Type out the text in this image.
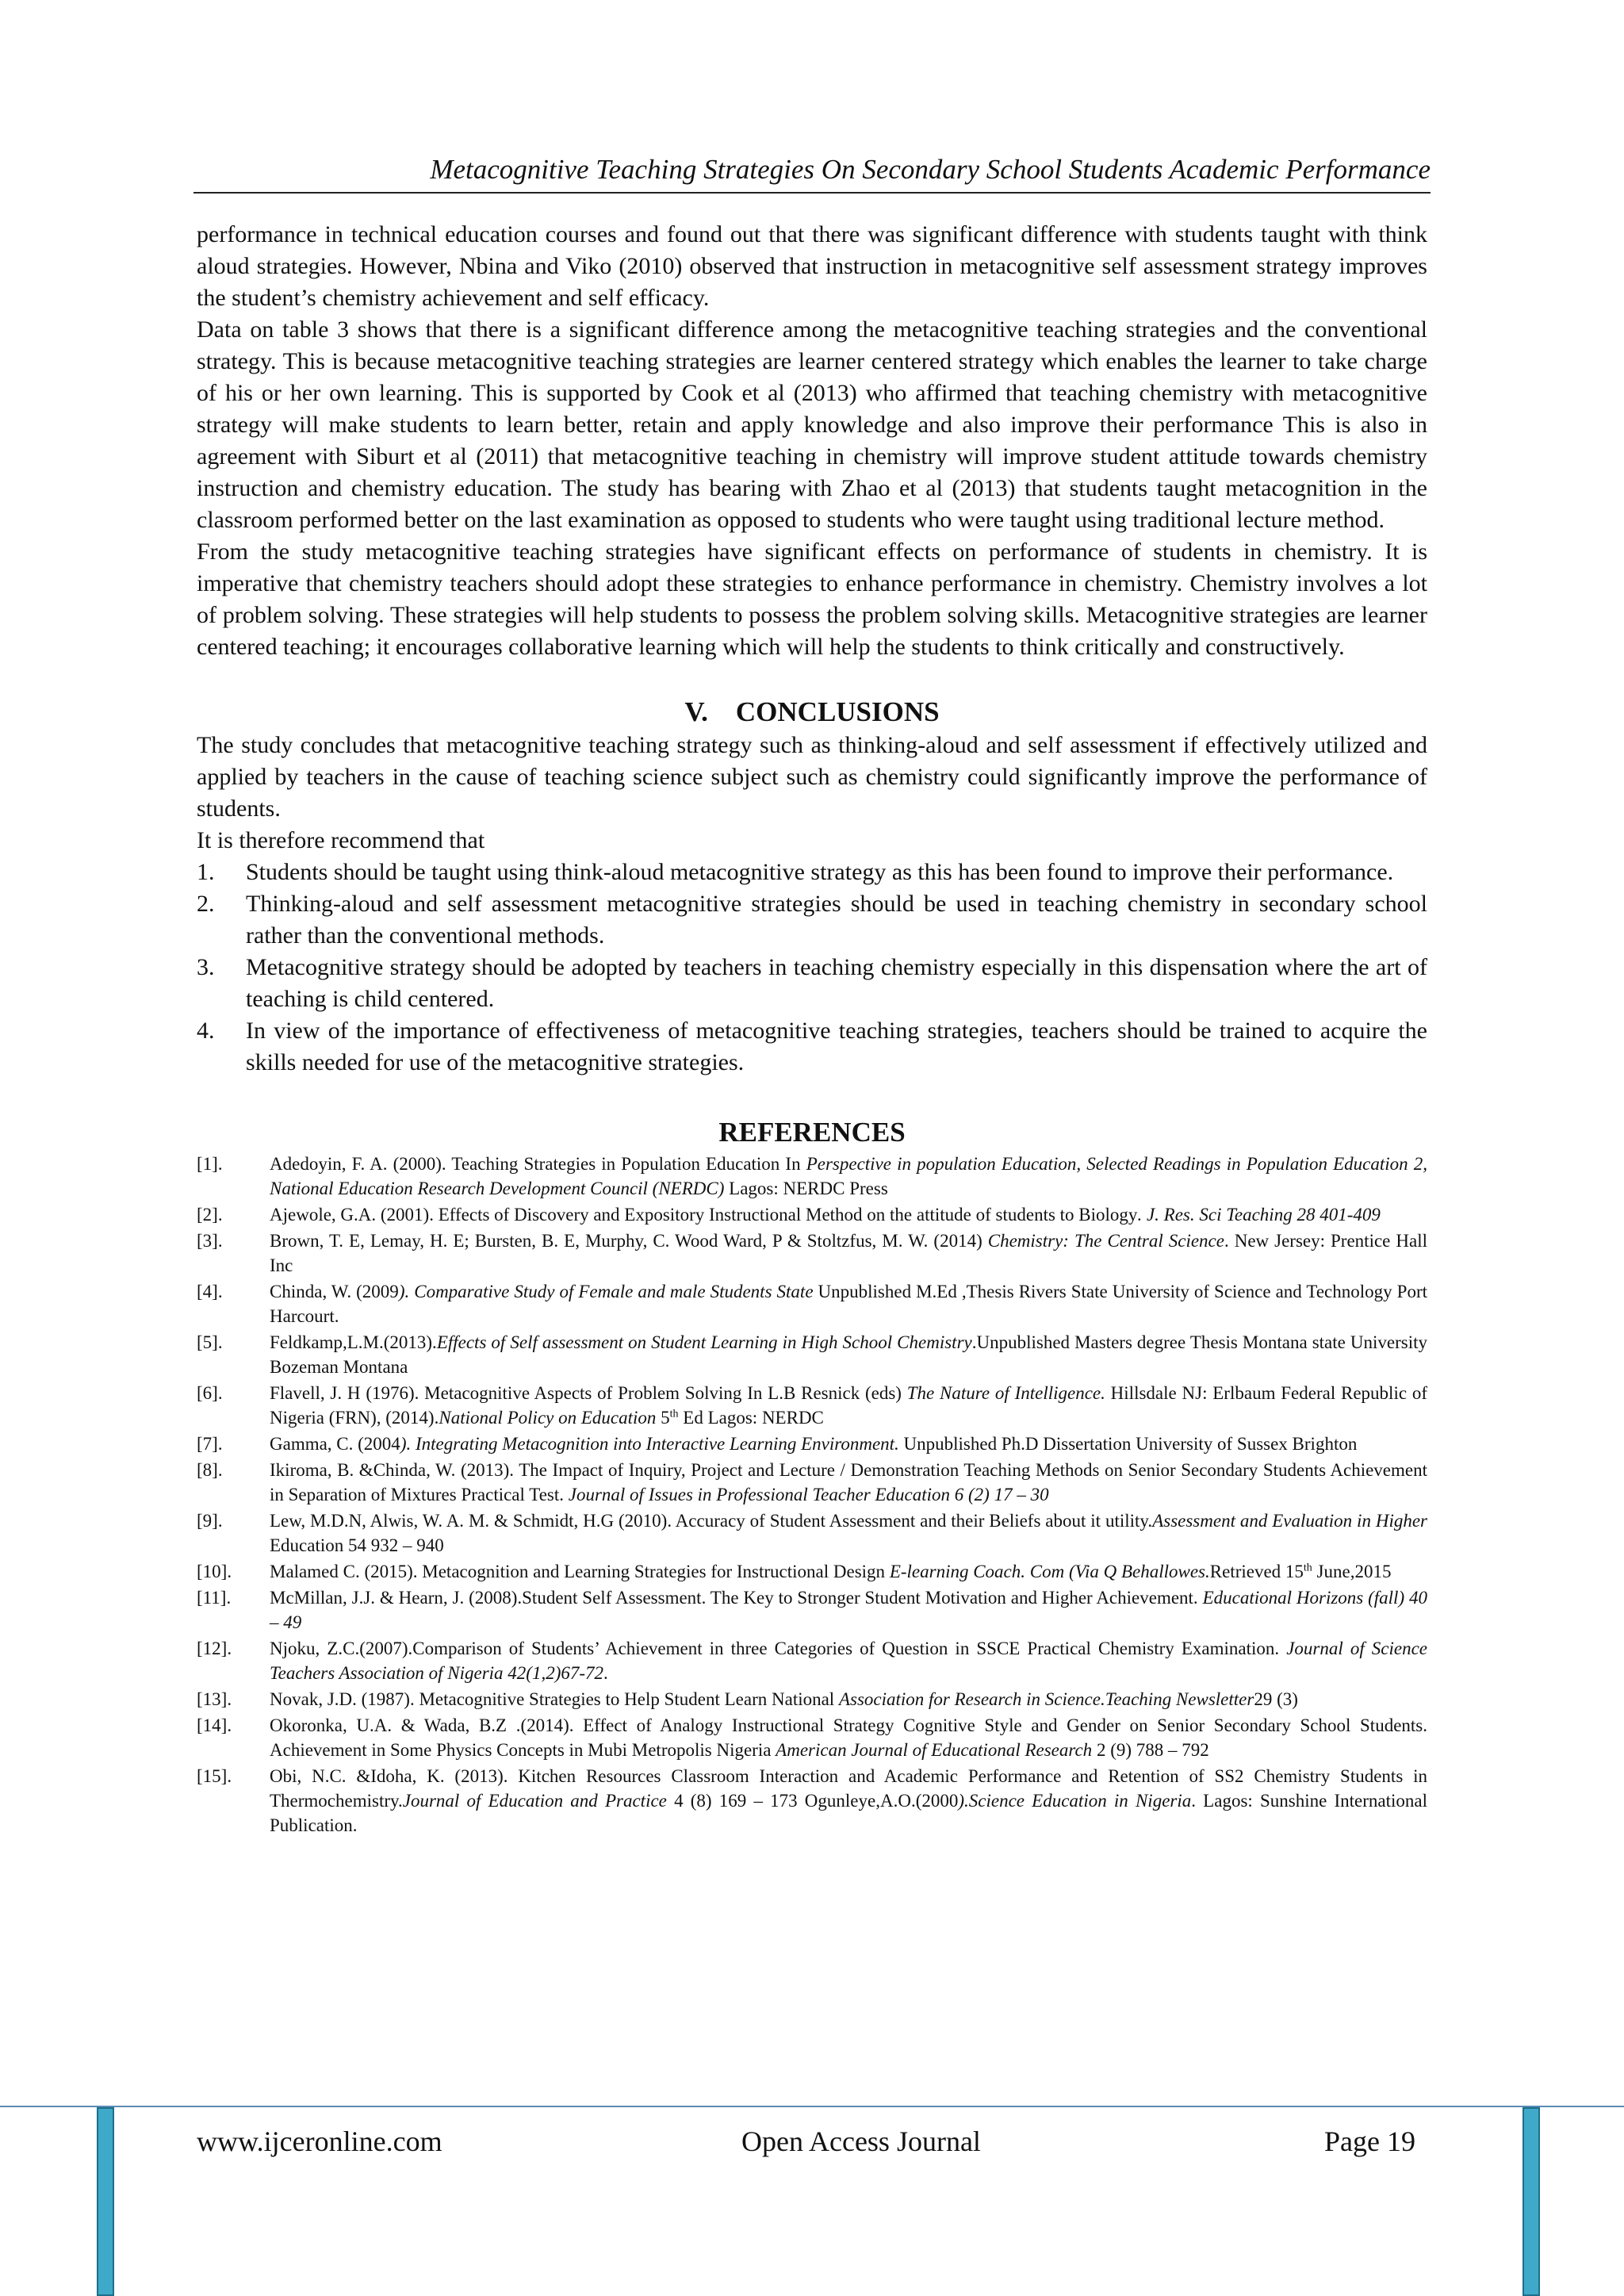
Metacognitive Teaching Strategies On Secondary School Students Academic Performance

performance in technical education courses and found out that there was significant difference with students taught with think aloud strategies. However, Nbina and Viko (2010) observed that instruction in metacognitive self assessment strategy improves the student’s chemistry achievement and self efficacy.

Data on table 3 shows that there is a significant difference among the metacognitive teaching strategies and the conventional strategy. This is because metacognitive teaching strategies are learner centered strategy which enables the learner to take charge of his or her own learning. This is supported by Cook et al (2013) who affirmed that teaching chemistry with metacognitive strategy will make students to learn better, retain and apply knowledge and also improve their performance This is also in agreement with Siburt et al (2011) that metacognitive teaching in chemistry will improve student attitude towards chemistry instruction and chemistry education. The study has bearing with Zhao et al (2013) that students taught metacognition in the classroom performed better on the last examination as opposed to students who were taught using traditional lecture method.

From the study metacognitive teaching strategies have significant effects on performance of students in chemistry. It is imperative that chemistry teachers should adopt these strategies to enhance performance in chemistry. Chemistry involves a lot of problem solving. These strategies will help students to possess the problem solving skills. Metacognitive strategies are learner centered teaching; it encourages collaborative learning which will help the students to think critically and constructively.

V.    CONCLUSIONS

The study concludes that metacognitive teaching strategy such as thinking-aloud and self assessment if effectively utilized and applied by teachers in the cause of teaching science subject such as chemistry could significantly improve the performance of students.

It is therefore recommend that

1. Students should be taught using think-aloud metacognitive strategy as this has been found to improve their performance.
2. Thinking-aloud and self assessment metacognitive strategies should be used in teaching chemistry in secondary school rather than the conventional methods.
3. Metacognitive strategy should be adopted by teachers in teaching chemistry especially in this dispensation where the art of teaching is child centered.
4. In view of the importance of effectiveness of metacognitive teaching strategies, teachers should be trained to acquire the skills needed for use of the metacognitive strategies.
REFERENCES
[1].	Adedoyin, F. A. (2000). Teaching Strategies in Population Education In Perspective in population Education, Selected Readings in Population Education 2, National Education Research Development Council (NERDC) Lagos: NERDC Press
[2].	Ajewole, G.A. (2001). Effects of Discovery and Expository Instructional Method on the attitude of students to Biology. J. Res. Sci Teaching 28 401-409
[3].	Brown, T. E, Lemay, H. E; Bursten, B. E, Murphy, C. Wood Ward, P & Stoltzfus, M. W. (2014) Chemistry: The Central Science. New Jersey: Prentice Hall Inc
[4].	Chinda, W. (2009). Comparative Study of Female and male Students State Unpublished M.Ed ,Thesis Rivers State University of Science and Technology Port Harcourt.
[5].	Feldkamp,L.M.(2013).Effects of Self assessment on Student Learning in High School Chemistry.Unpublished Masters degree Thesis Montana state University Bozeman Montana
[6].	Flavell, J. H (1976). Metacognitive Aspects of Problem Solving In L.B Resnick (eds) The Nature of Intelligence. Hillsdale NJ: Erlbaum Federal Republic of Nigeria (FRN), (2014).National Policy on Education 5th Ed Lagos: NERDC
[7].	Gamma, C. (2004). Integrating Metacognition into Interactive Learning Environment. Unpublished Ph.D Dissertation University of Sussex Brighton
[8].	Ikiroma, B. &Chinda, W. (2013). The Impact of Inquiry, Project and Lecture / Demonstration Teaching Methods on Senior Secondary Students Achievement in Separation of Mixtures Practical Test. Journal of Issues in Professional Teacher Education 6 (2) 17 – 30
[9].	Lew, M.D.N, Alwis, W. A. M. & Schmidt, H.G (2010). Accuracy of Student Assessment and their Beliefs about it utility.Assessment and Evaluation in Higher Education 54 932 – 940
[10]. Malamed C. (2015). Metacognition and Learning Strategies for Instructional Design E-learning Coach. Com (Via Q Behallowes.Retrieved 15th June,2015
[11]. McMillan, J.J. & Hearn, J. (2008).Student Self Assessment. The Key to Stronger Student Motivation and Higher Achievement. Educational Horizons (fall) 40 – 49
[12]. Njoku, Z.C.(2007).Comparison of Students’ Achievement in three Categories of Question in SSCE Practical Chemistry Examination. Journal of Science Teachers Association of Nigeria 42(1,2)67-72.
[13]. Novak, J.D. (1987). Metacognitive Strategies to Help Student Learn National Association for Research in Science.Teaching Newsletter29 (3)
[14]. Okoronka, U.A. & Wada, B.Z .(2014). Effect of Analogy Instructional Strategy Cognitive Style and Gender on Senior Secondary School Students. Achievement in Some Physics Concepts in Mubi Metropolis Nigeria American Journal of Educational Research 2 (9) 788 – 792
[15]. Obi, N.C. &Idoha, K. (2013). Kitchen Resources Classroom Interaction and Academic Performance and Retention of SS2 Chemistry Students in Thermochemistry.Journal of Education and Practice 4 (8) 169 – 173 Ogunleye,A.O.(2000).Science Education in Nigeria. Lagos: Sunshine International Publication.
www.ijceronline.com	Open Access Journal	Page 19
